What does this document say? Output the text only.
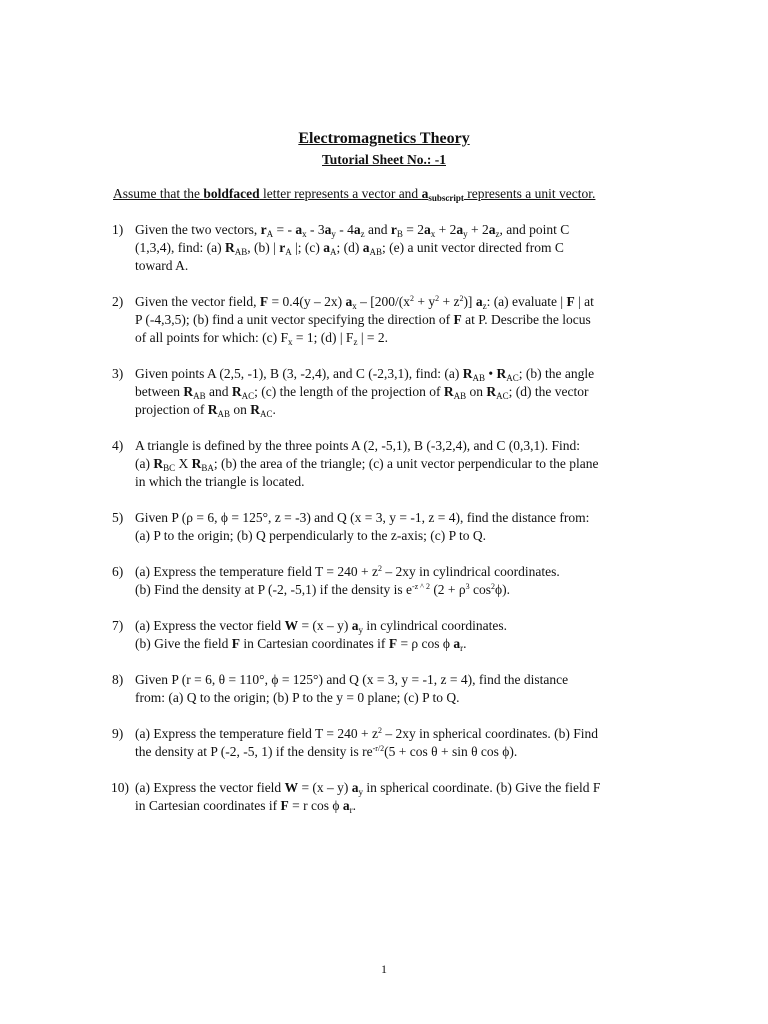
Electromagnetics Theory
Tutorial Sheet No.: -1
Assume that the boldfaced letter represents a vector and $a_{subscript}$ represents a unit vector.
1) Given the two vectors, $r_A$ = - $a_x - 3a_y - 4a_z$ and $r_B = 2a_x + 2a_y + 2a_z$, and point C
(1,3,4), find: (a) $R_{AB}$, (b) | $r_A$ |; (c) $a_A$; (d) $a_{AB}$; (e) a unit vector directed from C
toward A.
2) Given the vector field, F = 0.4(y – 2x) $a_x - [200/(x^2 + y^2 + z^2)]$ $a_z$: (a) evaluate | F | at
P (-4,3,5); (b) find a unit vector specifying the direction of F at P. Describe the locus
of all points for which: (c) $F_x = 1$; (d) | $F_z$ | = 2.
3) Given points A (2,5, -1), B (3, -2,4), and C (-2,3,1), find: (a) $R_{AB}$ • $R_{AC}$; (b) the angle
between $R_{AB}$ and $R_{AC}$; (c) the length of the projection of $R_{AB}$ on $R_{AC}$; (d) the vector
projection of $R_{AB}$ on $R_{AC}$.
4) A triangle is defined by the three points A (2, -5,1), B (-3,2,4), and C (0,3,1). Find:
(a) $R_{BC}$ X $R_{BA}$; (b) the area of the triangle; (c) a unit vector perpendicular to the plane
in which the triangle is located.
5) Given P (ρ = 6, ϕ = 125°, z = -3) and Q (x = 3, y = -1, z = 4), find the distance from:
(a) P to the origin; (b) Q perpendicularly to the z-axis; (c) P to Q.
6) (a) Express the temperature field $T = 240 + z^2 - 2xy$ in cylindrical coordinates.
(b) Find the density at P (-2, -5,1) if the density is $e^{-z \^{} 2}$ ($2 + \rho^3$ $\cos^2\phi$).
7) (a) Express the vector field W = (x – y) $a_y$ in cylindrical coordinates.
(b) Give the field F in Cartesian coordinates if F = ρ cos ϕ $a_r$.
8) Given P (r = 6, θ = 110°, ϕ = 125°) and Q (x = 3, y = -1, z = 4), find the distance
from: (a) Q to the origin; (b) P to the y = 0 plane; (c) P to Q.
9) (a) Express the temperature field $T = 240 + z^2 - 2xy$ in spherical coordinates. (b) Find
the density at P (-2, -5, 1) if the density is $re^{-r/2}(5 + \cos \theta + \sin \theta$ cos ϕ).
10) (a) Express the vector field W = (x – y) $a_y$ in spherical coordinate. (b) Give the field F
in Cartesian coordinates if F = r cos ϕ $a_r$.
1
